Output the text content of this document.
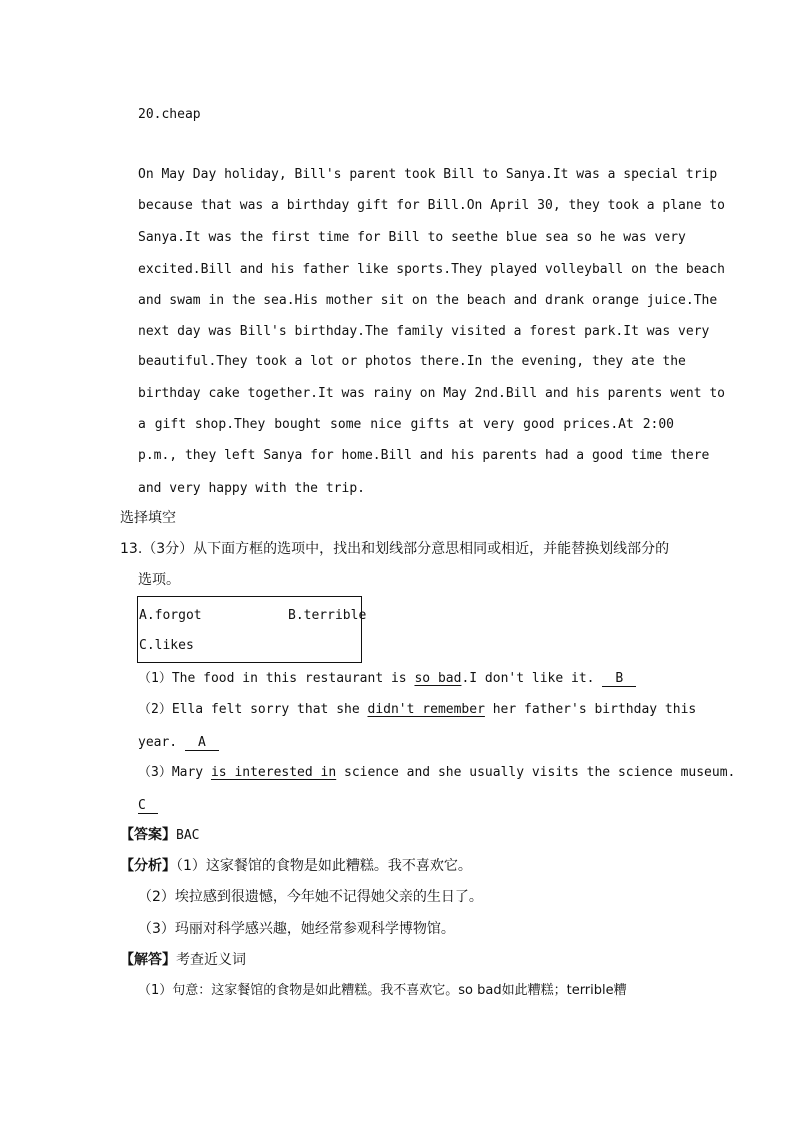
20.cheap
On May Day holiday, Bill's parent took Bill to Sanya.It was a special trip
because that was a birthday gift for Bill.On April 30, they took a plane to
Sanya.It was the first time for Bill to seethe blue sea so he was very
excited.Bill and his father like sports.They played volleyball on the beach
and swam in the sea.His mother sit on the beach and drank orange juice.The
next day was Bill's birthday.The family visited a forest park.It was very
beautiful.They took a lot or photos there.In the evening, they ate the
birthday cake together.It was rainy on May 2nd.Bill and his parents went to
a gift shop.They bought some nice gifts at very good prices.At 2:00
p.m., they left Sanya for home.Bill and his parents had a good time there
and very happy with the trip.
选择填空
13.（3分）从下面方框的选项中，找出和划线部分意思相同或相近，并能替换划线部分的
选项。
A.forgot	B.terrible
C.likes
（1）The food in this restaurant is so bad.I don't like it. B
（2）Ella felt sorry that she didn't remember her father's birthday this
year. A
（3）Mary is interested in science and she usually visits the science museum.
C
【答案】BAC
【分析】（1）这家餐馆的食物是如此糟糕。我不喜欢它。
（2）埃拉感到很遗憾，今年她不记得她父亲的生日了。
（3）玛丽对科学感兴趣，她经常参观科学博物馆。
【解答】考查近义词
（1）句意：这家餐馆的食物是如此糟糕。我不喜欢它。so bad如此糟糕；terrible糟
